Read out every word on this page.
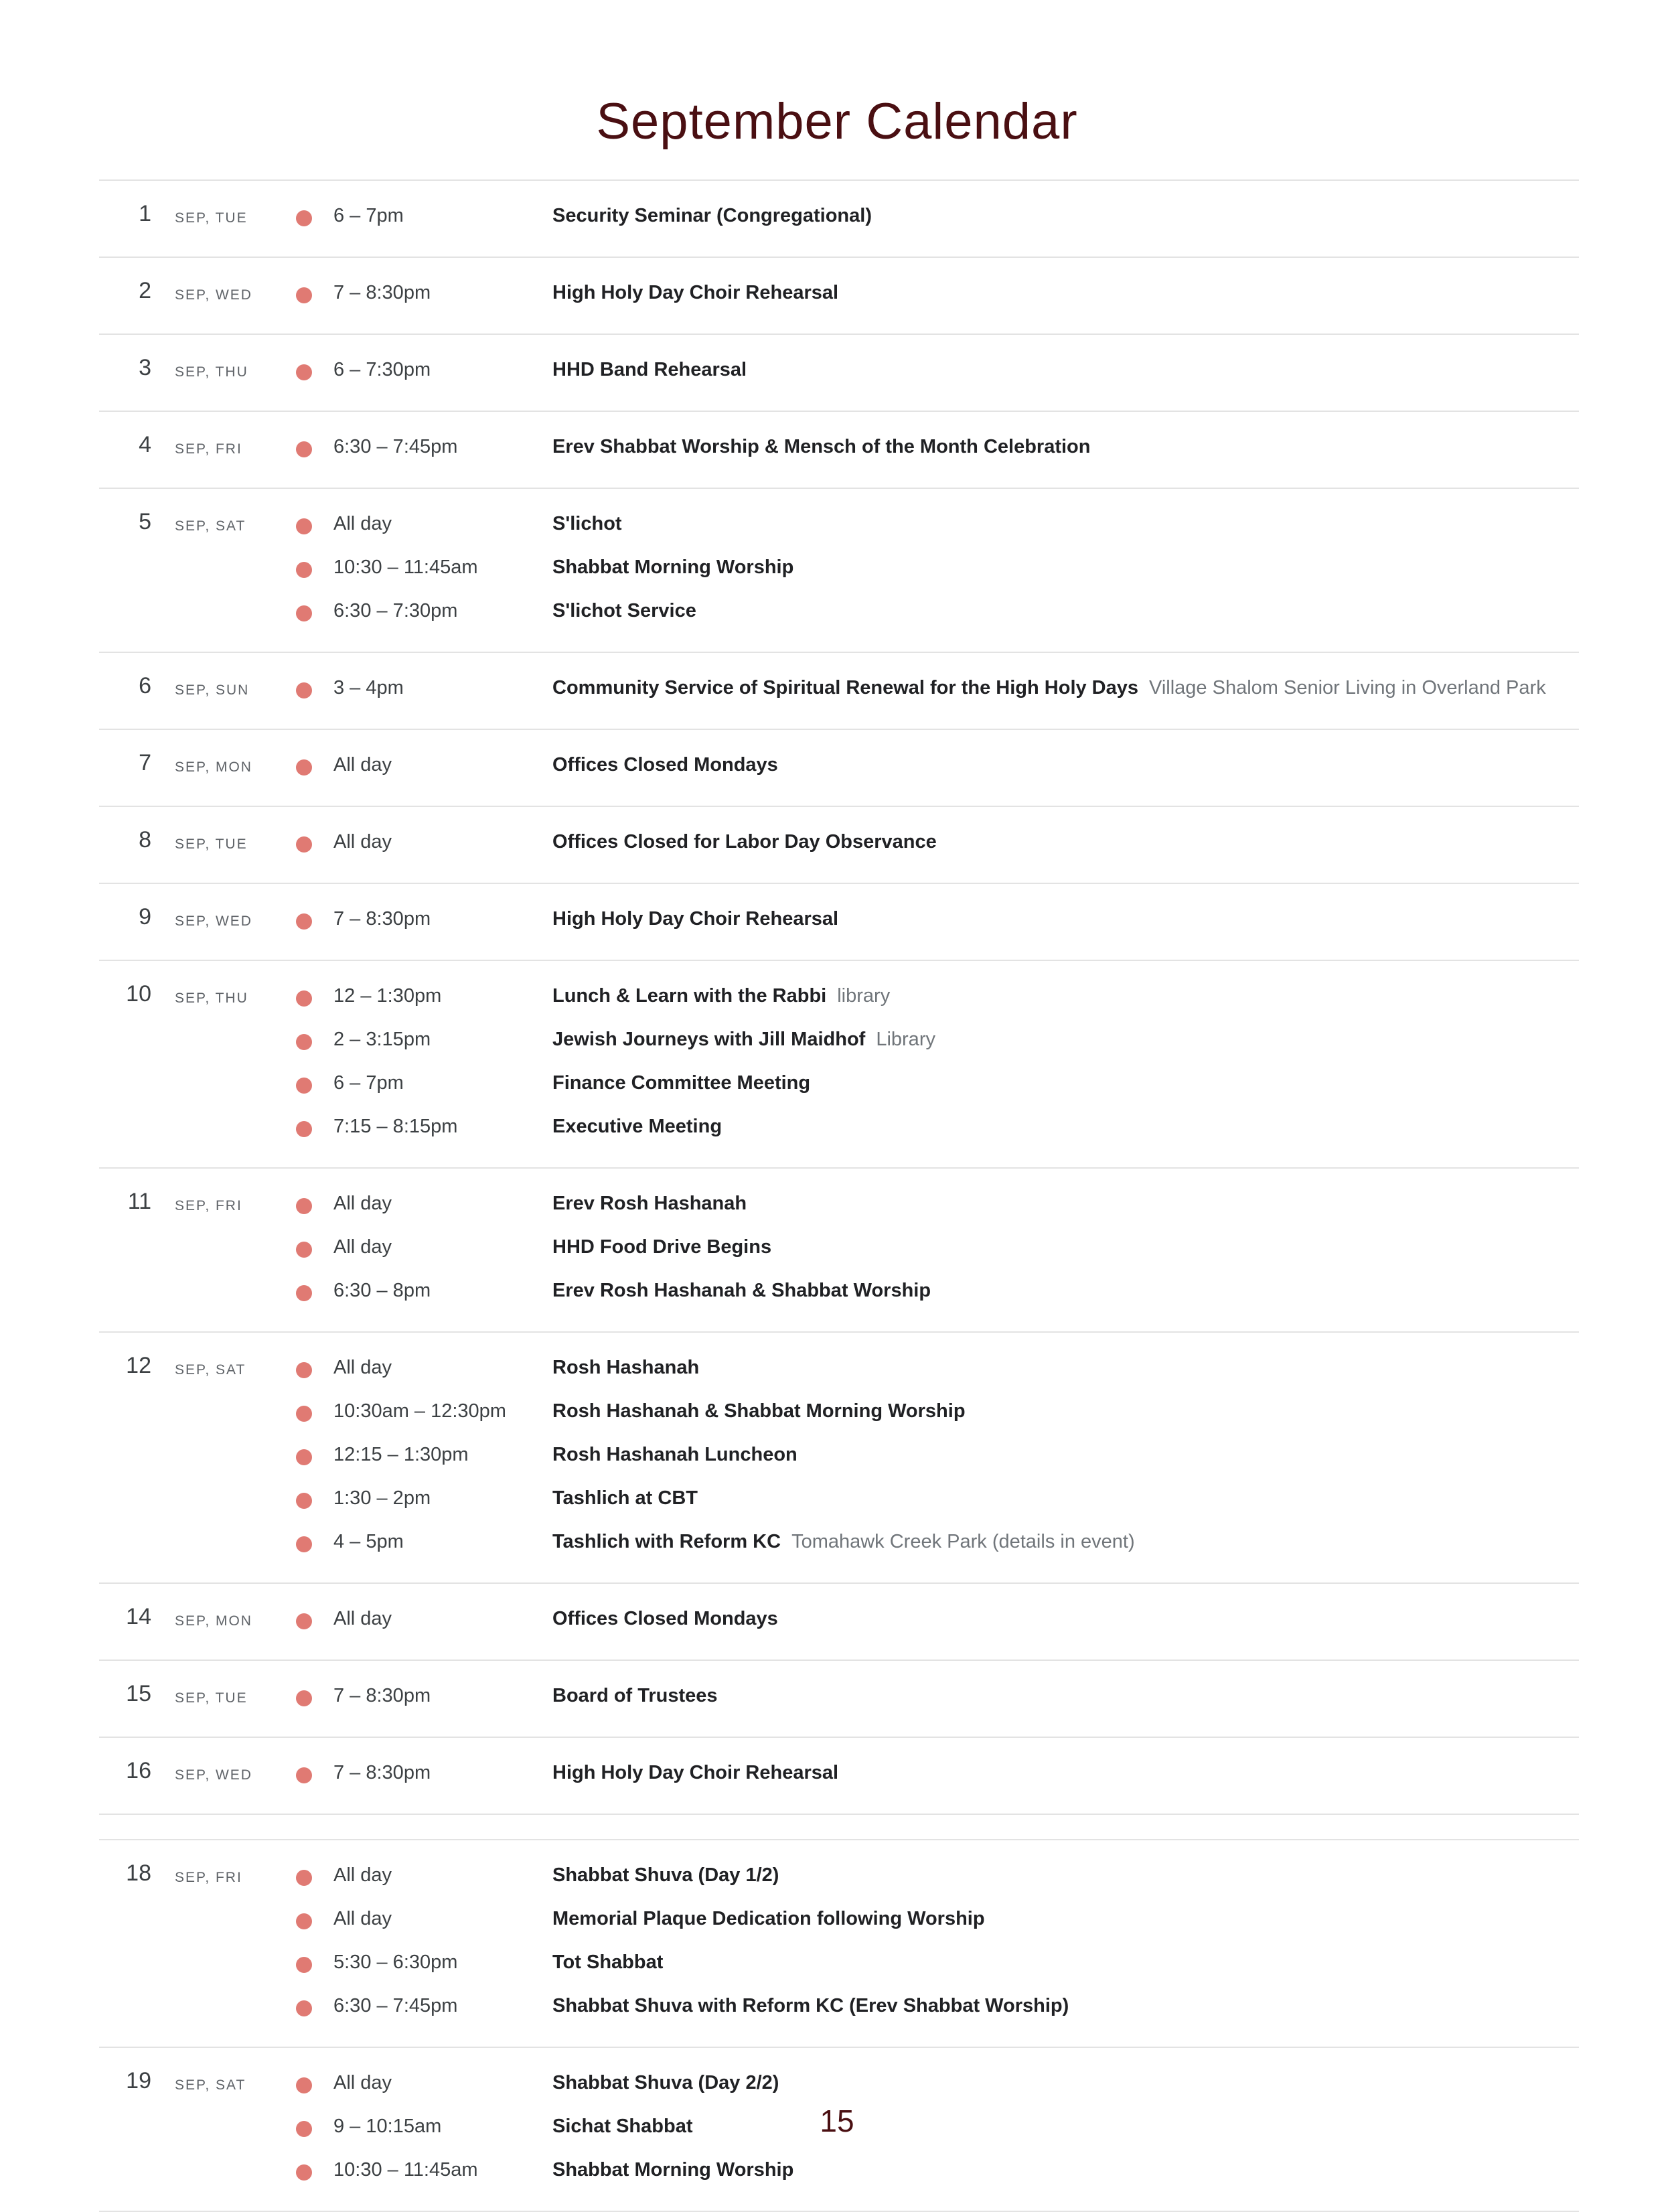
September Calendar
1 SEP, TUE	6 – 7pm	Security Seminar (Congregational)
2 SEP, WED	7 – 8:30pm	High Holy Day Choir Rehearsal
3 SEP, THU	6 – 7:30pm	HHD Band Rehearsal
4 SEP, FRI	6:30 – 7:45pm	Erev Shabbat Worship & Mensch of the Month Celebration
5 SEP, SAT	All day	S'lichot
10:30 – 11:45am	Shabbat Morning Worship
6:30 – 7:30pm	S'lichot Service
6 SEP, SUN	3 – 4pm	Community Service of Spiritual Renewal for the High Holy Days Village Shalom Senior Living in Overland Park
7 SEP, MON	All day	Offices Closed Mondays
8 SEP, TUE	All day	Offices Closed for Labor Day Observance
9 SEP, WED	7 – 8:30pm	High Holy Day Choir Rehearsal
10 SEP, THU	12 – 1:30pm	Lunch & Learn with the Rabbi library
2 – 3:15pm	Jewish Journeys with Jill Maidhof Library
6 – 7pm	Finance Committee Meeting
7:15 – 8:15pm	Executive Meeting
11 SEP, FRI	All day	Erev Rosh Hashanah
All day	HHD Food Drive Begins
6:30 – 8pm	Erev Rosh Hashanah & Shabbat Worship
12 SEP, SAT	All day	Rosh Hashanah
10:30am – 12:30pm Rosh Hashanah & Shabbat Morning Worship
12:15 – 1:30pm	Rosh Hashanah Luncheon
1:30 – 2pm	Tashlich at CBT
4 – 5pm	Tashlich with Reform KC Tomahawk Creek Park (details in event)
14 SEP, MON	All day	Offices Closed Mondays
15 SEP, TUE	7 – 8:30pm	Board of Trustees
16 SEP, WED	7 – 8:30pm	High Holy Day Choir Rehearsal
18 SEP, FRI	All day	Shabbat Shuva (Day 1/2)
All day	Memorial Plaque Dedication following Worship
5:30 – 6:30pm	Tot Shabbat
6:30 – 7:45pm	Shabbat Shuva with Reform KC (Erev Shabbat Worship)
19 SEP, SAT	All day	Shabbat Shuva (Day 2/2)
9 – 10:15am	Sichat Shabbat
10:30 – 11:45am	Shabbat Morning Worship
15
